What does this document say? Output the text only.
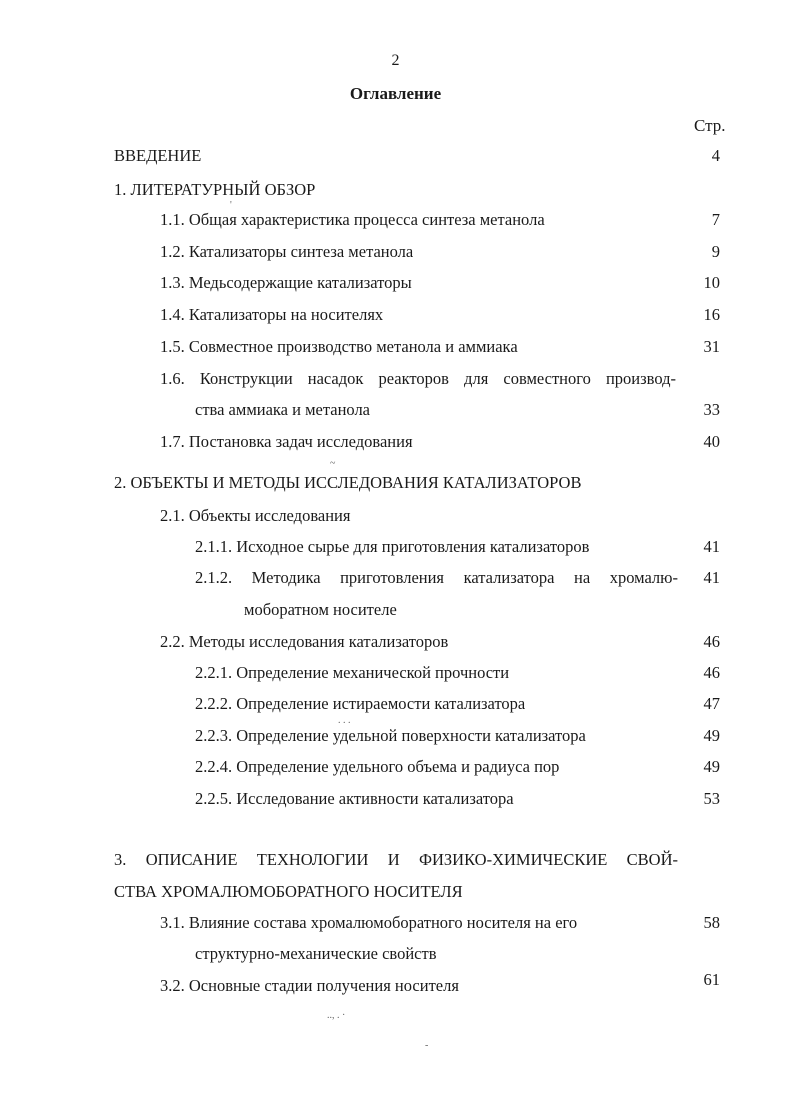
2
Оглавление
Стр.
ВВЕДЕНИЕ	4
1. ЛИТЕРАТУРНЫЙ ОБЗОР
1.1. Общая характеристика процесса синтеза метанола	7
1.2. Катализаторы синтеза метанола	9
1.3. Медьсодержащие катализаторы	10
1.4. Катализаторы на носителях	16
1.5. Совместное производство метанола и аммиака	31
1.6. Конструкции насадок реакторов для совместного производ-
ства аммиака и метанола	33
1.7. Постановка задач исследования	40
2. ОБЪЕКТЫ И МЕТОДЫ ИССЛЕДОВАНИЯ КАТАЛИЗАТОРОВ
2.1. Объекты исследования
2.1.1. Исходное сырье для приготовления катализаторов	41
2.1.2. Методика приготовления катализатора на хромалю-	41
моборатном носителе
2.2. Методы исследования катализаторов	46
2.2.1. Определение механической прочности	46
2.2.2. Определение истираемости катализатора	47
2.2.3. Определение удельной поверхности катализатора	49
2.2.4. Определение удельного объема и радиуса пор	49
2.2.5. Исследование активности катализатора	53
3. ОПИСАНИЕ ТЕХНОЛОГИИ И ФИЗИКО-ХИМИЧЕСКИЕ СВОЙ-
СТВА ХРОМАЛЮМОБОРАТНОГО НОСИТЕЛЯ
3.1. Влияние состава хромалюмоборатного носителя на его	58
структурно-механические свойств
3.2. Основные стадии получения носителя	61
'
~
. . .
.., . ·
-
